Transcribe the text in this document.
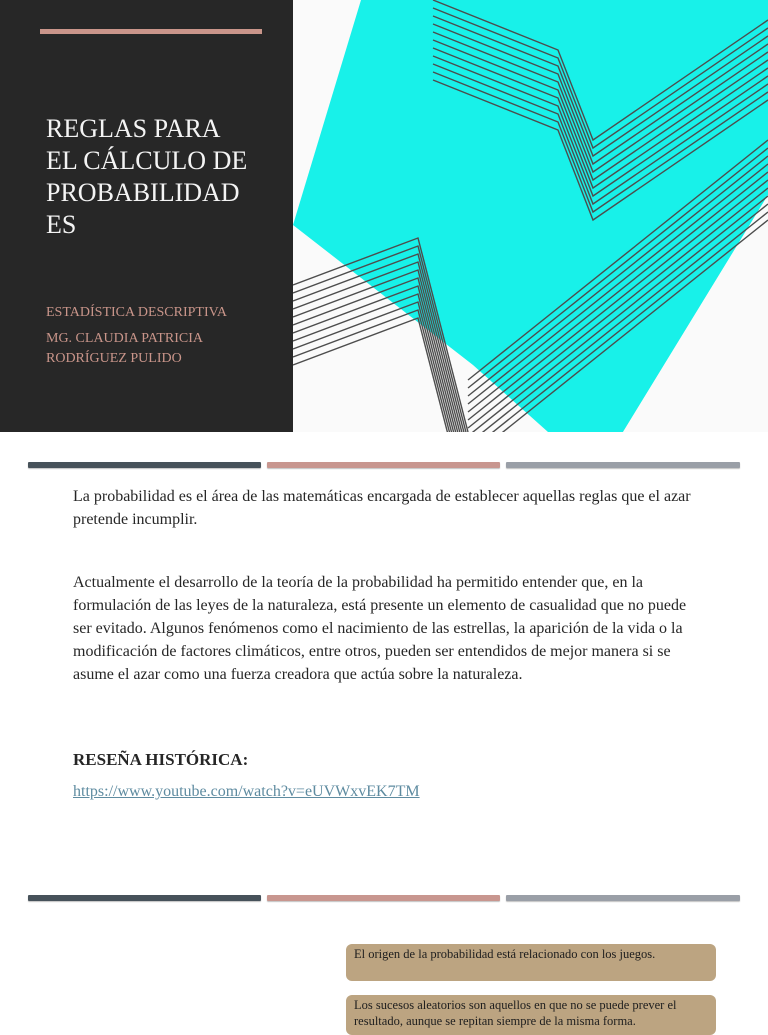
REGLAS PARA
EL CÁLCULO DE
PROBABILIDAD
ES
ESTADÍSTICA DESCRIPTIVA
MG. CLAUDIA PATRICIA
RODRÍGUEZ PULIDO

La probabilidad es el área de las matemáticas encargada de establecer aquellas reglas que el azar pretende incumplir.

Actualmente el desarrollo de la teoría de la probabilidad ha permitido entender que, en la formulación de las leyes de la naturaleza, está presente un elemento de casualidad que no puede ser evitado. Algunos fenómenos como el nacimiento de las estrellas, la aparición de la vida o la modificación de factores climáticos, entre otros, pueden ser entendidos de mejor manera si se asume el azar como una fuerza creadora que actúa sobre la naturaleza.

RESEÑA HISTÓRICA:
https://www.youtube.com/watch?v=eUVWxvEK7TM
El origen de la probabilidad está relacionado con los juegos.
Los sucesos aleatorios son aquellos en que no se puede prever el resultado, aunque se repitan siempre de la misma forma.
